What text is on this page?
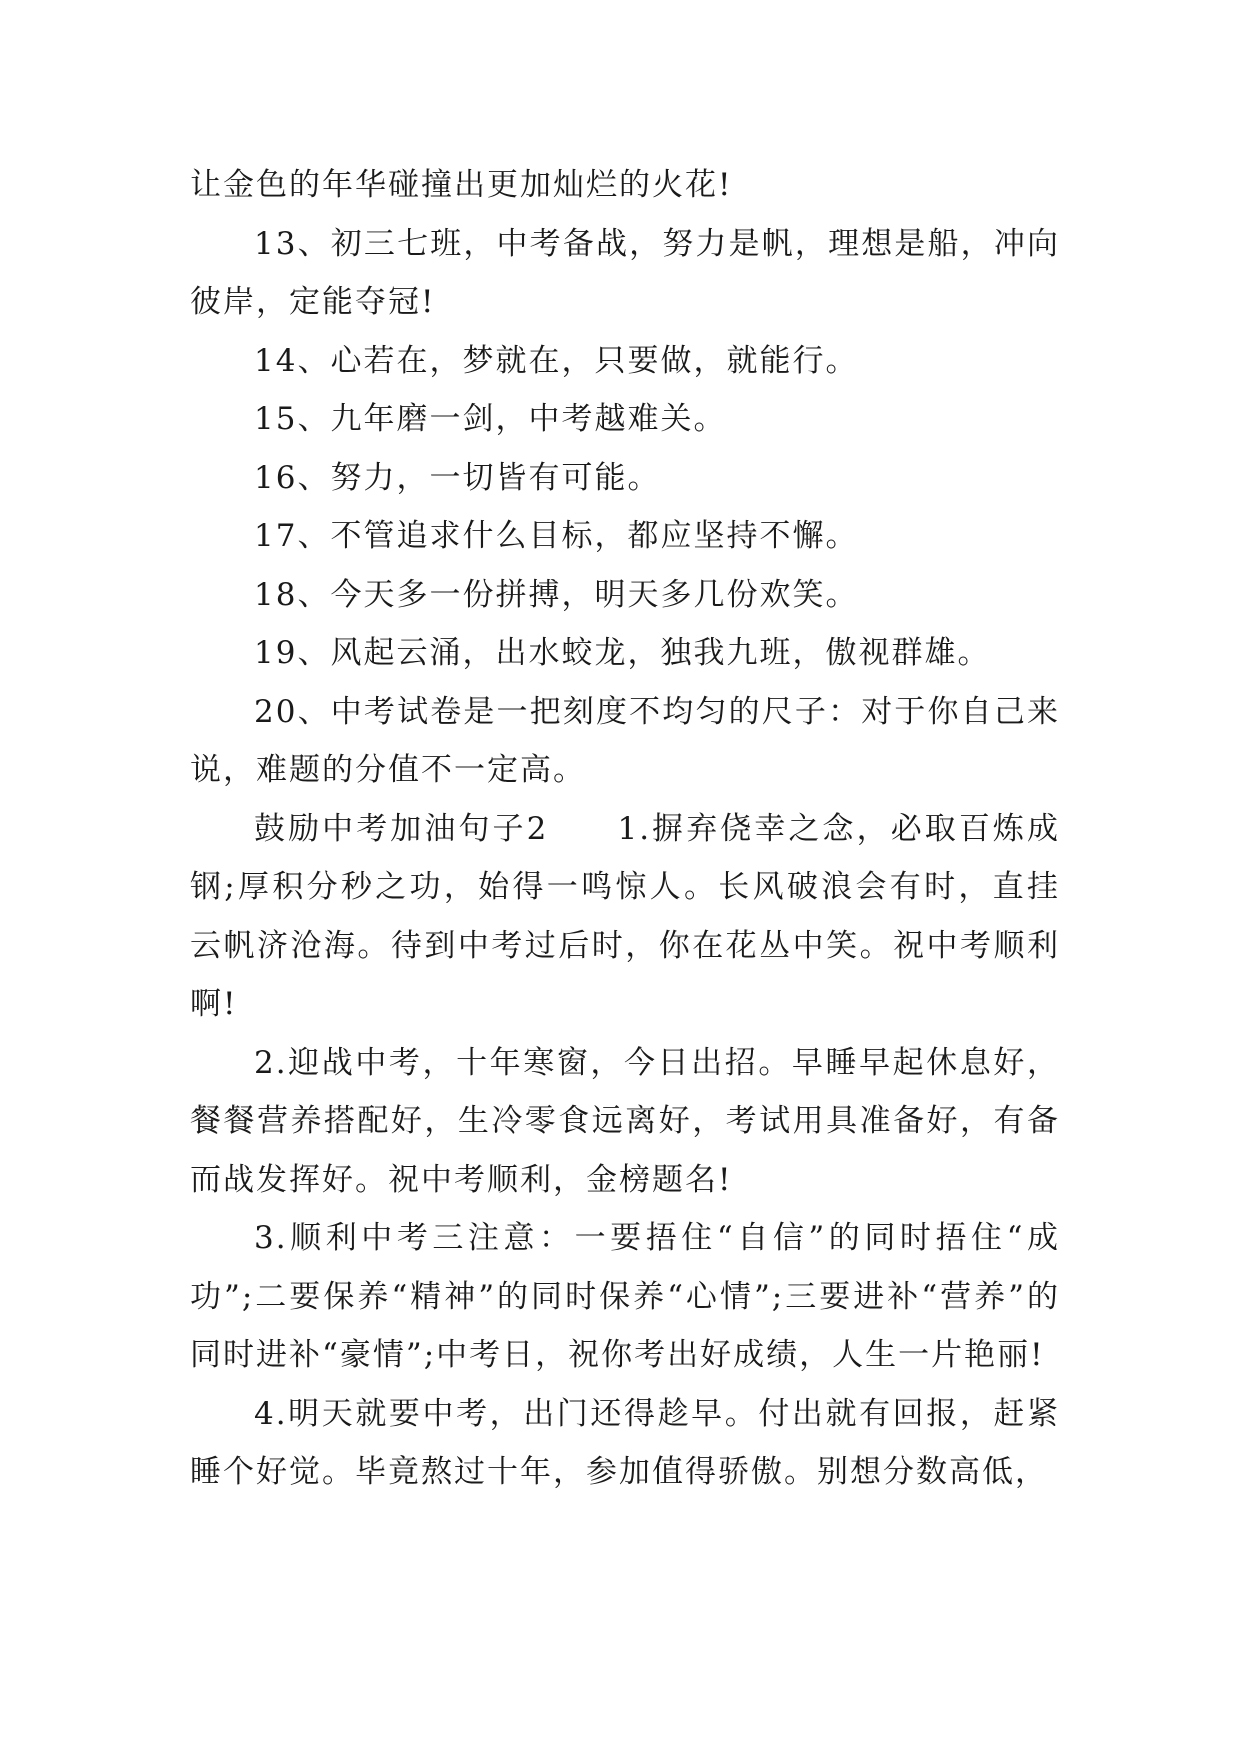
让金色的年华碰撞出更加灿烂的火花!

13、初三七班，中考备战，努力是帆，理想是船，冲向彼岸，定能夺冠!

14、心若在，梦就在，只要做，就能行。

15、九年磨一剑，中考越难关。

16、努力，一切皆有可能。

17、不管追求什么目标，都应坚持不懈。

18、今天多一份拼搏，明天多几份欢笑。

19、风起云涌，出水蛟龙，独我九班，傲视群雄。

20、中考试卷是一把刻度不均匀的尺子：对于你自己来说，难题的分值不一定高。

鼓励中考加油句子2　　1.摒弃侥幸之念，必取百炼成钢;厚积分秒之功，始得一鸣惊人。长风破浪会有时，直挂云帆济沧海。待到中考过后时，你在花丛中笑。祝中考顺利啊!

2.迎战中考，十年寒窗，今日出招。早睡早起休息好，餐餐营养搭配好，生冷零食远离好，考试用具准备好，有备而战发挥好。祝中考顺利，金榜题名!

3.顺利中考三注意：一要捂住“自信”的同时捂住“成功”;二要保养“精神”的同时保养“心情”;三要进补“营养”的同时进补“豪情”;中考日，祝你考出好成绩，人生一片艳丽!

4.明天就要中考，出门还得趁早。付出就有回报，赶紧睡个好觉。毕竟熬过十年，参加值得骄傲。别想分数高低，
